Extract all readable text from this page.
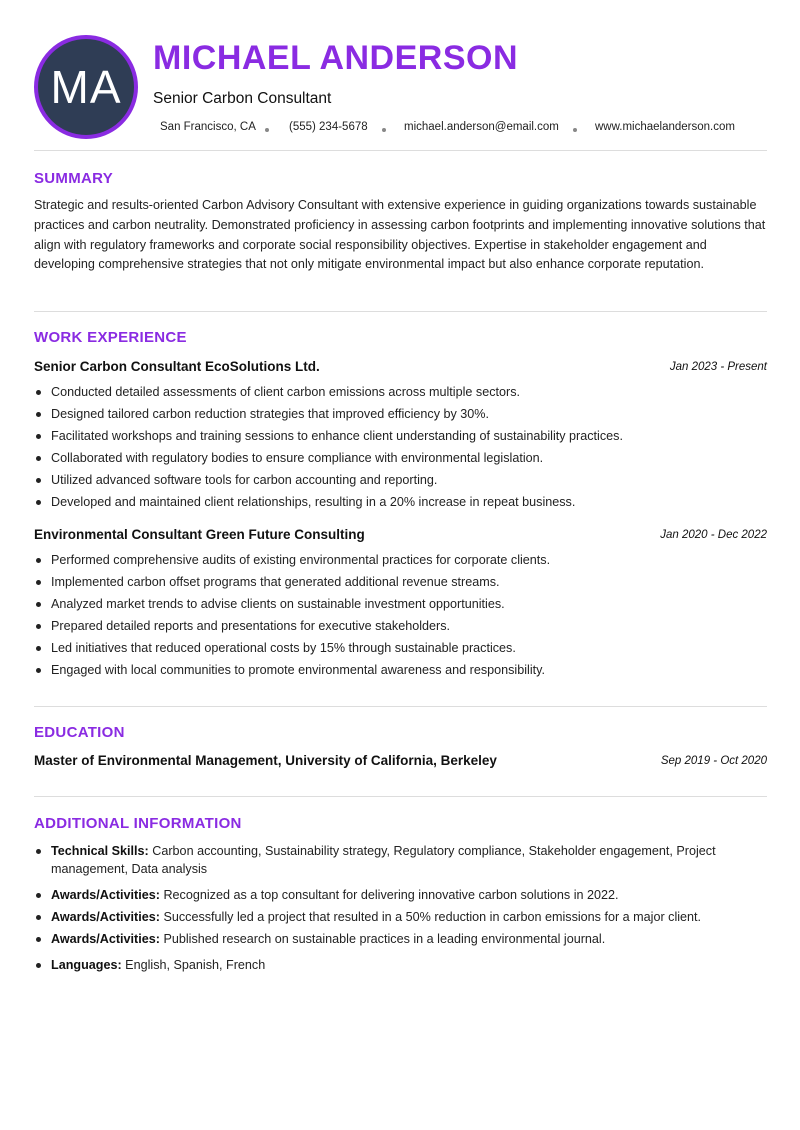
MA
MICHAEL ANDERSON
Senior Carbon Consultant
San Francisco, CA	(555) 234-5678	michael.anderson@email.com	www.michaelanderson.com
SUMMARY

Strategic and results-oriented Carbon Advisory Consultant with extensive experience in guiding organizations towards sustainable practices and carbon neutrality. Demonstrated proficiency in assessing carbon footprints and implementing innovative solutions that align with regulatory frameworks and corporate social responsibility objectives. Expertise in stakeholder engagement and developing comprehensive strategies that not only mitigate environmental impact but also enhance corporate reputation.

WORK EXPERIENCE
Senior Carbon Consultant EcoSolutions Ltd.	Jan 2023 - Present
Conducted detailed assessments of client carbon emissions across multiple sectors.
Designed tailored carbon reduction strategies that improved efficiency by 30%.
Facilitated workshops and training sessions to enhance client understanding of sustainability practices.
Collaborated with regulatory bodies to ensure compliance with environmental legislation.
Utilized advanced software tools for carbon accounting and reporting.
Developed and maintained client relationships, resulting in a 20% increase in repeat business.
Environmental Consultant Green Future Consulting	Jan 2020 - Dec 2022
Performed comprehensive audits of existing environmental practices for corporate clients.
Implemented carbon offset programs that generated additional revenue streams.
Analyzed market trends to advise clients on sustainable investment opportunities.
Prepared detailed reports and presentations for executive stakeholders.
Led initiatives that reduced operational costs by 15% through sustainable practices.
Engaged with local communities to promote environmental awareness and responsibility.
EDUCATION
Master of Environmental Management, University of California, Berkeley	Sep 2019 - Oct 2020
ADDITIONAL INFORMATION
Technical Skills: Carbon accounting, Sustainability strategy, Regulatory compliance, Stakeholder engagement, Project management, Data analysis
Awards/Activities: Recognized as a top consultant for delivering innovative carbon solutions in 2022.
Awards/Activities: Successfully led a project that resulted in a 50% reduction in carbon emissions for a major client.
Awards/Activities: Published research on sustainable practices in a leading environmental journal.
Languages: English, Spanish, French
